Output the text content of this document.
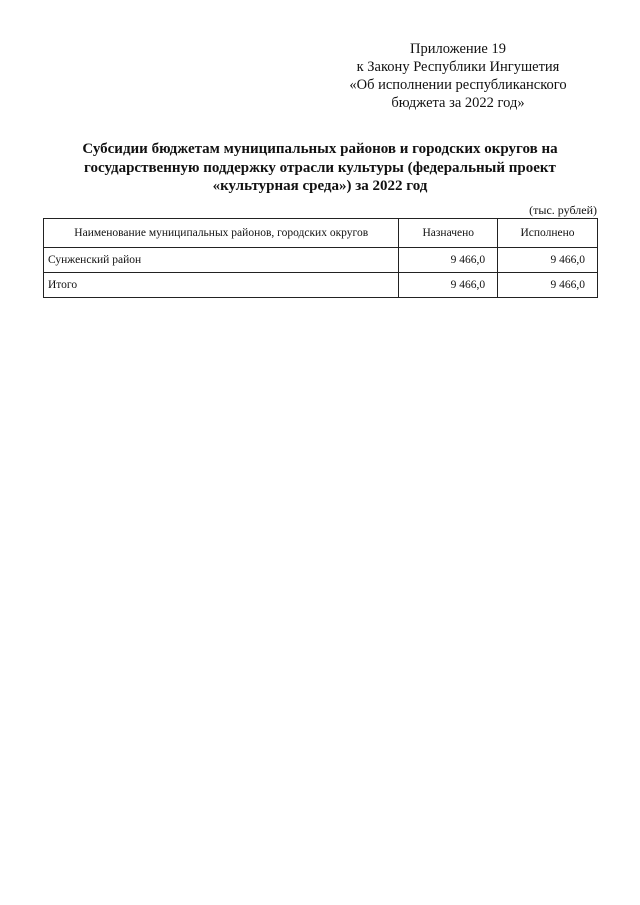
Приложение 19
к Закону Республики Ингушетия
«Об исполнении республиканского
бюджета за 2022 год»
Субсидии бюджетам муниципальных районов и городских округов на
государственную поддержку отрасли культуры (федеральный проект
«культурная среда») за 2022 год
(тыс. рублей)
Наименование муниципальных районов, городских округов	Назначено	Исполнено
Сунженский район	9 466,0	9 466,0
Итого	9 466,0	9 466,0
